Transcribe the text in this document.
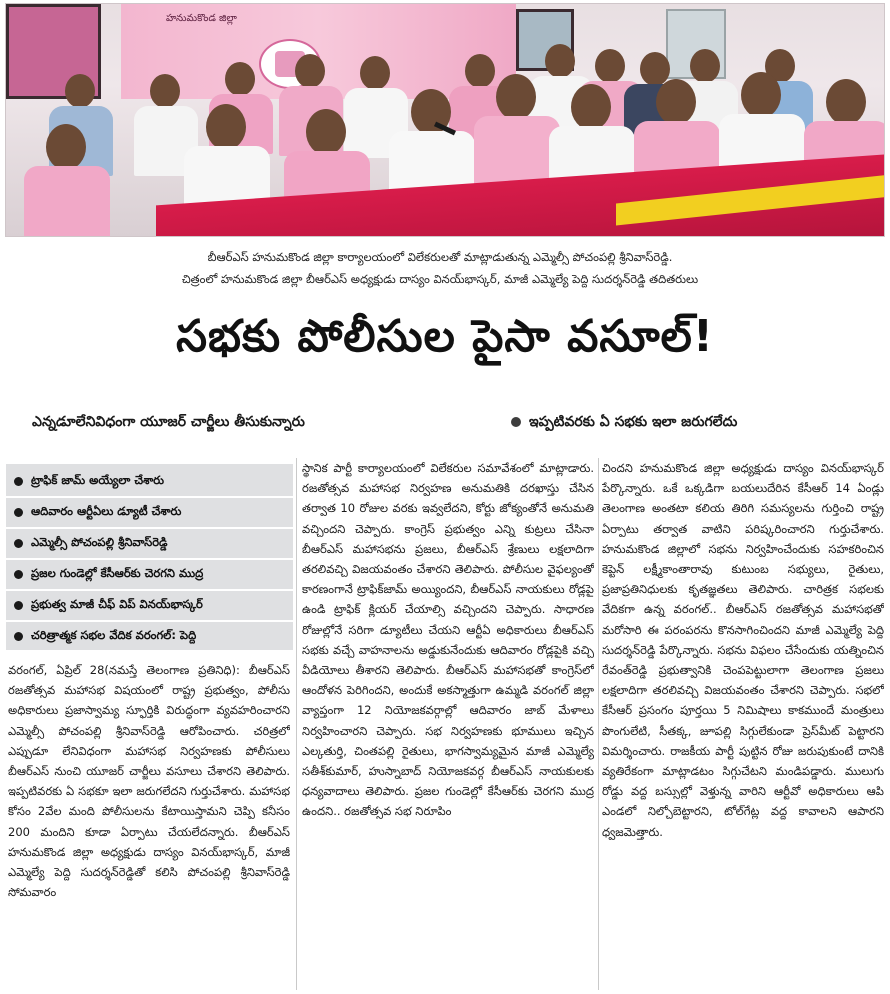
హనుమకొండ జిల్లా
బీఆర్ఎస్ హనుమకొండ జిల్లా కార్యాలయంలో విలేకరులతో మాట్లాడుతున్న ఎమ్మెల్సీ పోచంపల్లి శ్రీనివాస్‌రెడ్డి.
చిత్రంలో హనుమకొండ జిల్లా బీఆర్ఎస్ అధ్యక్షుడు దాస్యం వినయ్‌భాస్కర్, మాజీ ఎమ్మెల్యే పెద్ది సుదర్శన్‌రెడ్డి తదితరులు
సభకు పోలీసుల పైసా వసూల్!
ఎన్నడూలేనివిధంగా యూజర్ చార్జీలు తీసుకున్నారు	ఇప్పటివరకు ఏ సభకు ఇలా జరుగలేదు
ట్రాఫిక్ జామ్ అయ్యేలా చేశారు
ఆదివారం ఆర్టీఏలు డ్యూటీ చేశారు
ఎమ్మెల్సీ పోచంపల్లి శ్రీనివాస్‌రెడ్డి
ప్రజల గుండెల్లో కేసీఆర్‌కు చెరగని ముద్ర
ప్రభుత్వ మాజీ చీఫ్ విప్ వినయ్‌భాస్కర్
చరిత్రాత్మక సభల వేదిక వరంగల్: పెద్ది

వరంగల్, ఏప్రిల్ 28(నమస్తే తెలంగాణ ప్రతినిధి): బీఆర్ఎస్ రజతోత్సవ మహాసభ విషయంలో రాష్ట్ర ప్రభుత్వం, పోలీసు అధికారులు ప్రజాస్వామ్య స్ఫూర్తికి విరుద్ధంగా వ్యవహరించారని ఎమ్మెల్సీ పోచంపల్లి శ్రీనివాస్‌రెడ్డి ఆరోపించారు. చరిత్రలో ఎప్పుడూ లేనివిధంగా మహాసభ నిర్వహణకు పోలీసులు బీఆర్ఎస్ నుంచి యూజర్ చార్జీలు వసూలు చేశారని తెలిపారు. ఇప్పటివరకు ఏ సభకూ ఇలా జరుగలేదని గుర్తుచేశారు. మహాసభ కోసం 2వేల మంది పోలీసులను కేటాయిస్తామని చెప్పి కనీసం 200 మందిని కూడా ఏర్పాటు చేయలేదన్నారు. బీఆర్ఎస్ హనుమకొండ జిల్లా అధ్యక్షుడు దాస్యం వినయ్‌భాస్కర్, మాజీ ఎమ్మెల్యే పెద్ది సుదర్శన్‌రెడ్డితో కలిసి పోచంపల్లి శ్రీనివాస్‌రెడ్డి సోమవారం

స్థానిక పార్టీ కార్యాలయంలో విలేకరుల సమావేశంలో మాట్లాడారు. రజతోత్సవ మహాసభ నిర్వహణ అనుమతికి దరఖాస్తు చేసిన తర్వాత 10 రోజుల వరకు ఇవ్వలేదని, కోర్టు జోక్యంతోనే అనుమతి వచ్చిందని చెప్పారు. కాంగ్రెస్ ప్రభుత్వం ఎన్ని కుట్రలు చేసినా బీఆర్ఎస్ మహాసభను ప్రజలు, బీఆర్ఎస్ శ్రేణులు లక్షలాదిగా తరలివచ్చి విజయవంతం చేశారని తెలిపారు. పోలీసుల వైఫల్యంతో కారణంగానే ట్రాఫిక్‌జామ్ అయ్యిందని, బీఆర్ఎస్ నాయకులు రోడ్లపై ఉండి ట్రాఫిక్ క్లియర్ చేయాల్సి వచ్చిందని చెప్పారు. సాధారణ రోజుల్లోనే సరిగా డ్యూటీలు చేయని ఆర్టీఏ అధికారులు బీఆర్ఎస్ సభకు వచ్చే వాహనాలను అడ్డుకునేందుకు ఆదివారం రోడ్లపైకి వచ్చి వీడియోలు తీశారని తెలిపారు. బీఆర్ఎస్ మహాసభతో కాంగ్రెస్‌లో ఆందోళన పెరిగిందని, అందుకే అకస్మాత్తుగా ఉమ్మడి వరంగల్ జిల్లా వ్యాప్తంగా 12 నియోజకవర్గాల్లో ఆదివారం జాబ్ మేళాలు నిర్వహించారని చెప్పారు. సభ నిర్వహణకు భూములు ఇచ్చిన ఎల్కతుర్తి, చింతపల్లి రైతులు, భాగస్వామ్యమైన మాజీ ఎమ్మెల్యే సతీశ్‌కుమార్, హుస్నాబాద్ నియోజకవర్గ బీఆర్ఎస్ నాయకులకు ధన్యవాదాలు తెలిపారు. ప్రజల గుండెల్లో కేసీఆర్‌కు చెరగని ముద్ర ఉందని.. రజతోత్సవ సభ నిరూపిం

చిందని హనుమకొండ జిల్లా అధ్యక్షుడు దాస్యం వినయ్‌భాస్కర్ పేర్కొన్నారు. ఒకే ఒక్కడిగా బయలుదేరిన కేసీఆర్ 14 ఏండ్లు తెలంగాణ అంతటా కలియ తిరిగి సమస్యలను గుర్తించి రాష్ట్ర ఏర్పాటు తర్వాత వాటిని పరిష్కరించారని గుర్తుచేశారు. హనుమకొండ జిల్లాలో సభను నిర్వహించేందుకు సహకరించిన కెప్టెన్ లక్ష్మీకాంతారావు కుటుంబ సభ్యులు, రైతులు, ప్రజాప్రతినిధులకు కృతజ్ఞతలు తెలిపారు. చారిత్రక సభలకు వేదికగా ఉన్న వరంగల్.. బీఆర్ఎస్ రజతోత్సవ మహాసభతో మరోసారి ఈ పరంపరను కొనసాగించిందని మాజీ ఎమ్మెల్యే పెద్ది సుదర్శన్‌రెడ్డి పేర్కొన్నారు. సభను విఫలం చేసేందుకు యత్నించిన రేవంత్‌రెడ్డి ప్రభుత్వానికి చెంపపెట్టులాగా తెలంగాణ ప్రజలు లక్షలాదిగా తరలివచ్చి విజయవంతం చేశారని చెప్పారు. సభలో కేసీఆర్ ప్రసంగం పూర్తయి 5 నిమిషాలు కాకముందే మంత్రులు పొంగులేటి, సీతక్క, జూపల్లి సిగ్గులేకుండా ప్రెస్‌మీట్ పెట్టారని విమర్శించారు. రాజకీయ పార్టీ పుట్టిన రోజు జరుపుకుంటే దానికి వ్యతిరేకంగా మాట్లాడటం సిగ్గుచేటని మండిపడ్డారు. ములుగు రోడ్డు వద్ద బస్సుల్లో వెళ్తున్న వారిని ఆర్టీవో అధికారులు ఆపి ఎండలో నిల్చోబెట్టారని, టోల్‌గేట్ల వద్ద కావాలని ఆపారని ధ్వజమెత్తారు.
